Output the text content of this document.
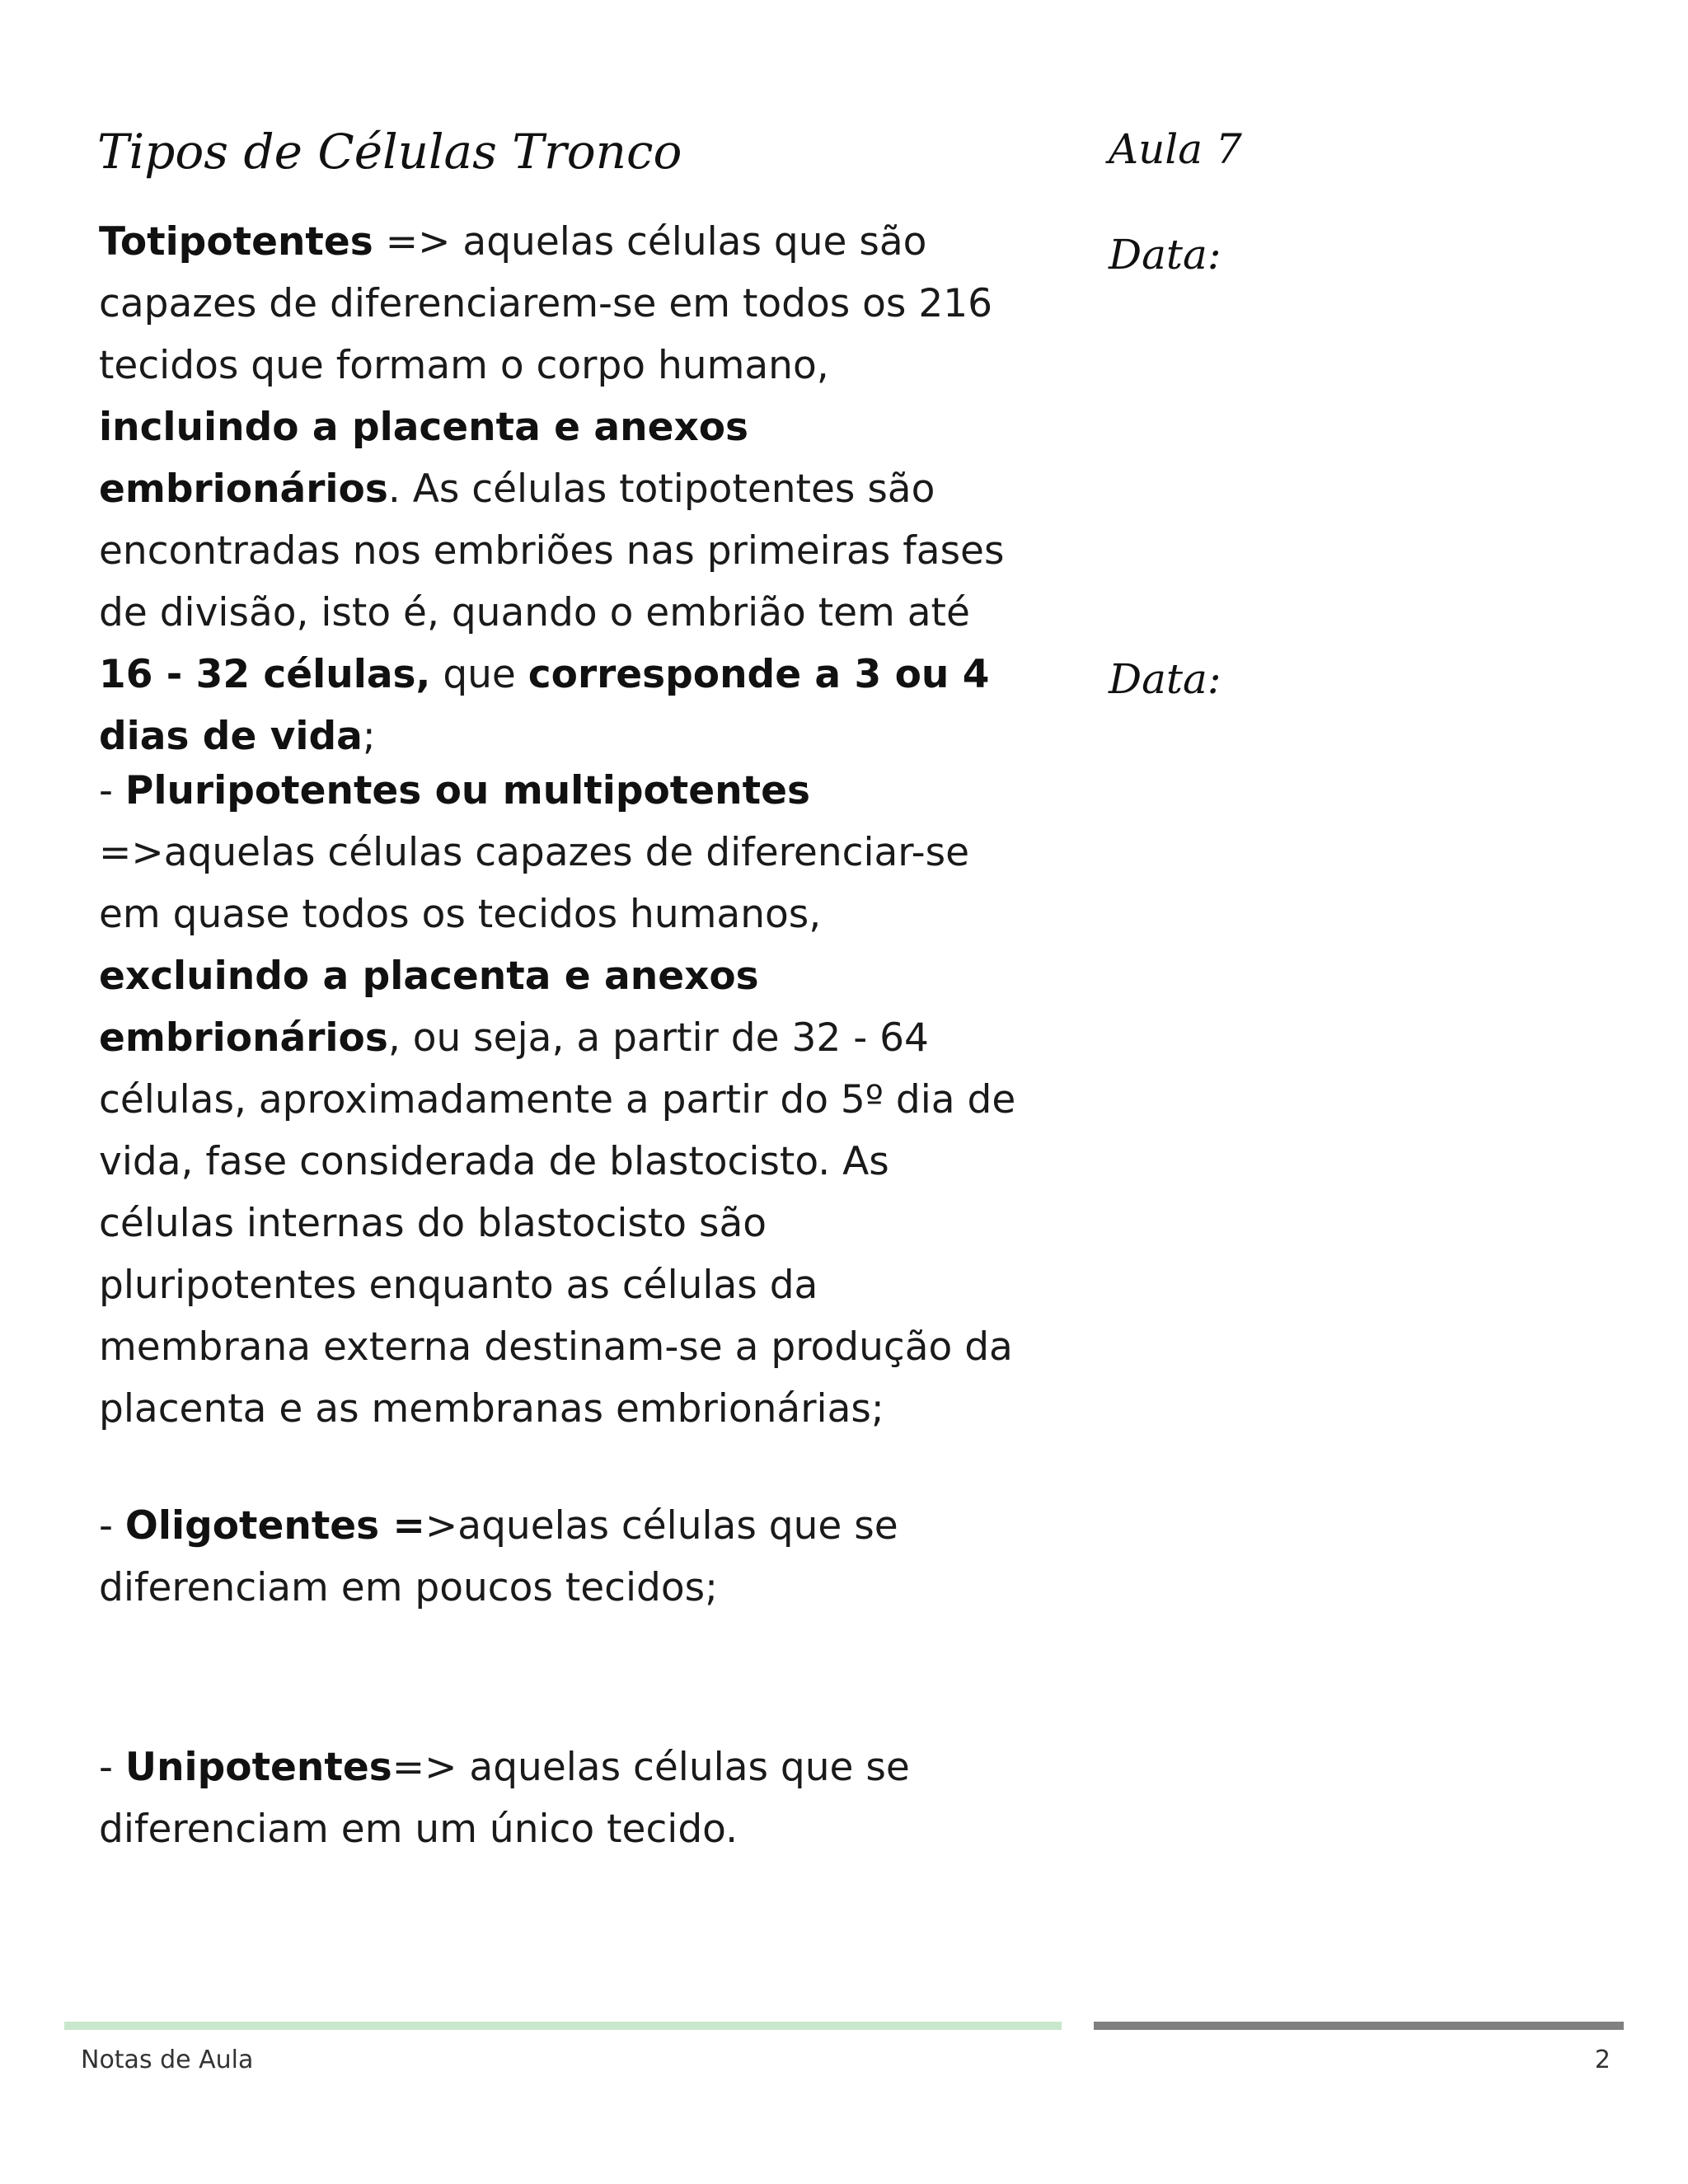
Tipos de Células Tronco	Aula 7
Data:
Data:

Totipotentes => aquelas células que são capazes de diferenciarem-se em todos os 216 tecidos que formam o corpo humano, incluindo a placenta e anexos embrionários. As células totipotentes são encontradas nos embriões nas primeiras fases de divisão, isto é, quando o embrião tem até 16 - 32 células, que corresponde a 3 ou 4 dias de vida;

- Pluripotentes ou multipotentes =>aquelas células capazes de diferenciar-se em quase todos os tecidos humanos, excluindo a placenta e anexos embrionários, ou seja, a partir de 32 - 64 células, aproximadamente a partir do 5º dia de vida, fase considerada de blastocisto. As células internas do blastocisto são pluripotentes enquanto as células da membrana externa destinam-se a produção da placenta e as membranas embrionárias;

- Oligotentes =>aquelas células que se diferenciam em poucos tecidos;

- Unipotentes=> aquelas células que se diferenciam em um único tecido.

Notas de Aula	2
